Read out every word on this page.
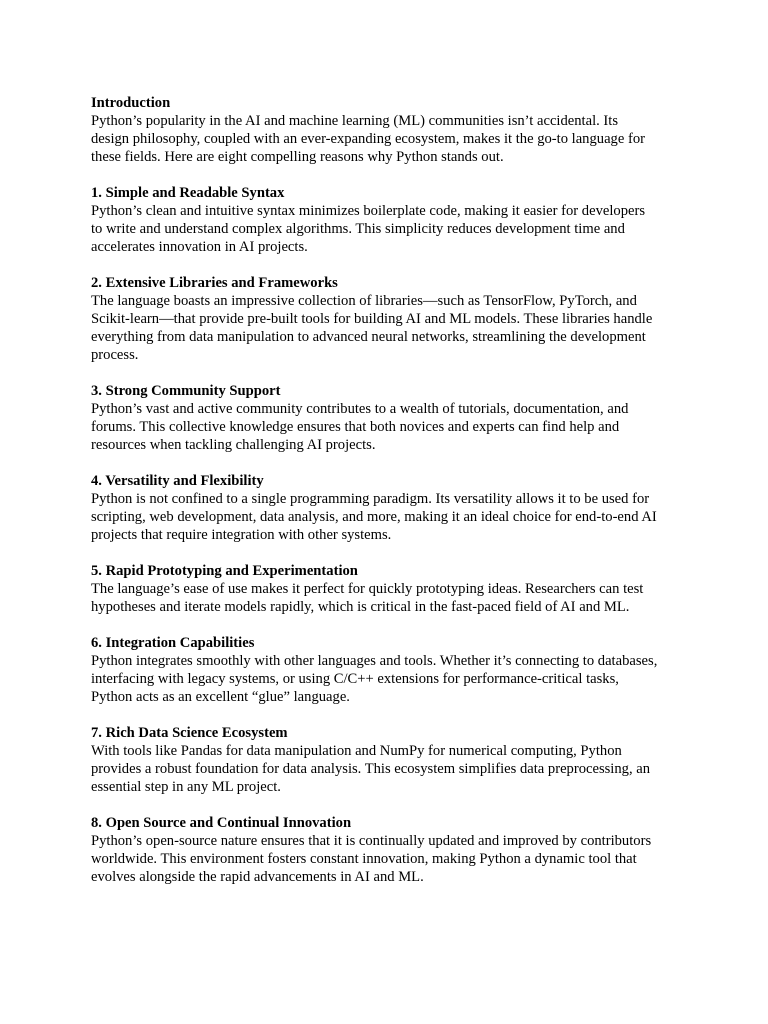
Introduction
Python’s popularity in the AI and machine learning (ML) communities isn’t accidental. Its
design philosophy, coupled with an ever-expanding ecosystem, makes it the go-to language for
these fields. Here are eight compelling reasons why Python stands out.
1. Simple and Readable Syntax
Python’s clean and intuitive syntax minimizes boilerplate code, making it easier for developers
to write and understand complex algorithms. This simplicity reduces development time and
accelerates innovation in AI projects.
2. Extensive Libraries and Frameworks
The language boasts an impressive collection of libraries—such as TensorFlow, PyTorch, and
Scikit-learn—that provide pre-built tools for building AI and ML models. These libraries handle
everything from data manipulation to advanced neural networks, streamlining the development
process.
3. Strong Community Support
Python’s vast and active community contributes to a wealth of tutorials, documentation, and
forums. This collective knowledge ensures that both novices and experts can find help and
resources when tackling challenging AI projects.
4. Versatility and Flexibility
Python is not confined to a single programming paradigm. Its versatility allows it to be used for
scripting, web development, data analysis, and more, making it an ideal choice for end-to-end AI
projects that require integration with other systems.
5. Rapid Prototyping and Experimentation
The language’s ease of use makes it perfect for quickly prototyping ideas. Researchers can test
hypotheses and iterate models rapidly, which is critical in the fast-paced field of AI and ML.
6. Integration Capabilities
Python integrates smoothly with other languages and tools. Whether it’s connecting to databases,
interfacing with legacy systems, or using C/C++ extensions for performance-critical tasks,
Python acts as an excellent “glue” language.
7. Rich Data Science Ecosystem
With tools like Pandas for data manipulation and NumPy for numerical computing, Python
provides a robust foundation for data analysis. This ecosystem simplifies data preprocessing, an
essential step in any ML project.
8. Open Source and Continual Innovation
Python’s open-source nature ensures that it is continually updated and improved by contributors
worldwide. This environment fosters constant innovation, making Python a dynamic tool that
evolves alongside the rapid advancements in AI and ML.
